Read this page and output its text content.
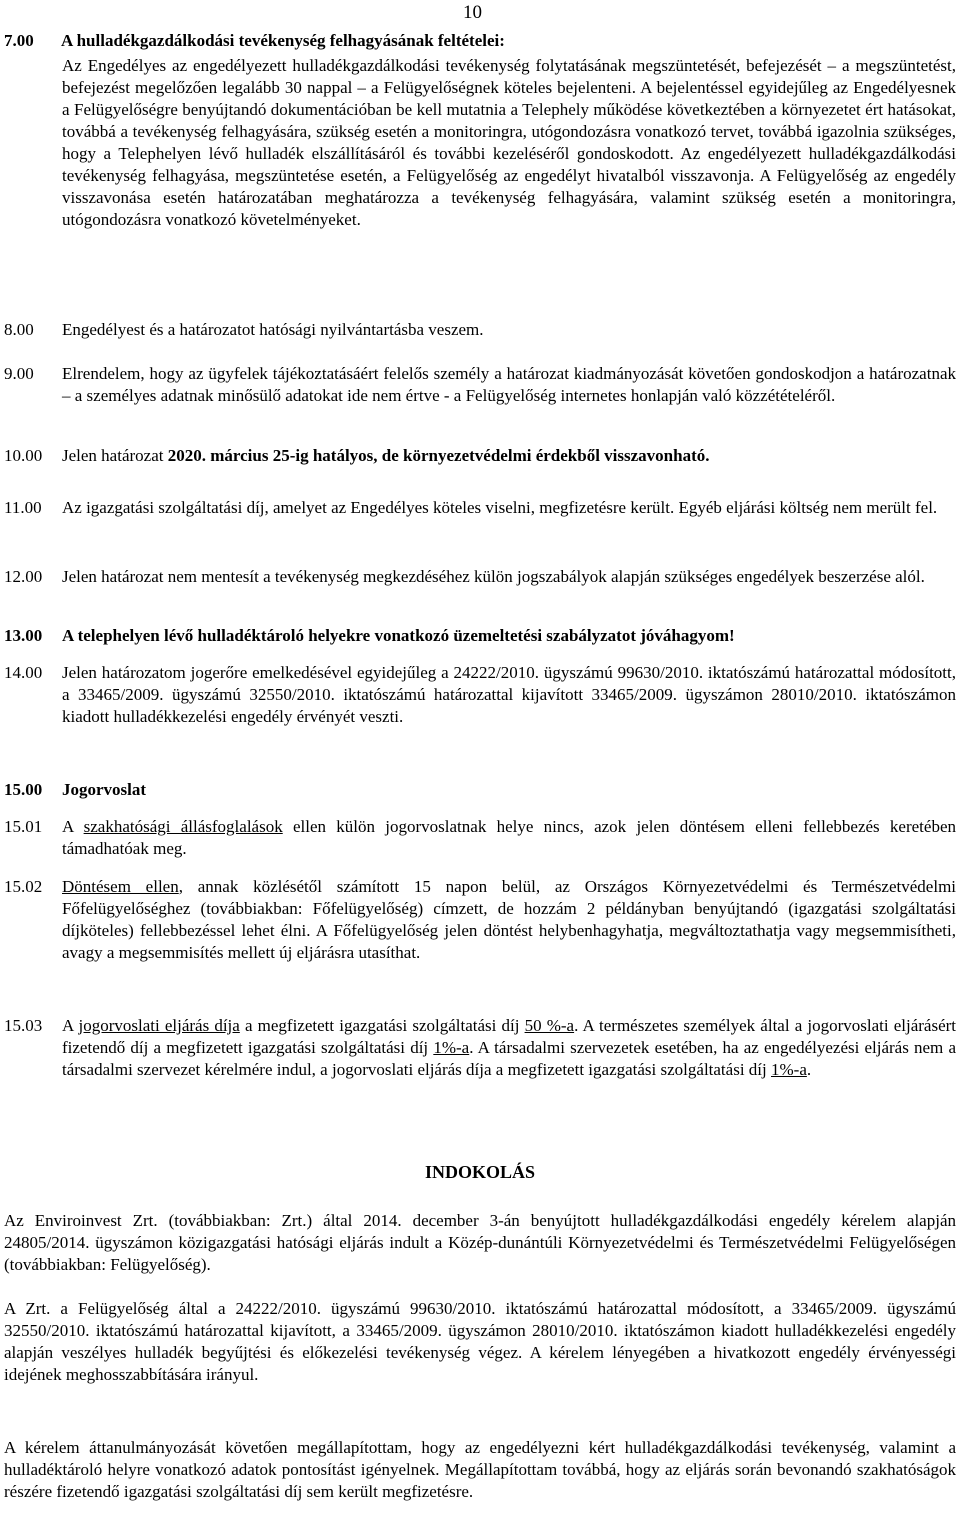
10
7.00 A hulladékgazdálkodási tevékenység felhagyásának feltételei:
Az Engedélyes az engedélyezett hulladékgazdálkodási tevékenység folytatásának megszüntetését, befejezését – a megszüntetést, befejezést megelőzően legalább 30 nappal – a Felügyelőségnek köteles bejelenteni. A bejelentéssel egyidejűleg az Engedélyesnek a Felügyelőségre benyújtandó dokumentációban be kell mutatnia a Telephely működése következtében a környezetet ért hatásokat, továbbá a tevékenység felhagyására, szükség esetén a monitoringra, utógondozásra vonatkozó tervet, továbbá igazolnia szükséges, hogy a Telephelyen lévő hulladék elszállításáról és további kezeléséről gondoskodott. Az engedélyezett hulladékgazdálkodási tevékenység felhagyása, megszüntetése esetén, a Felügyelőség az engedélyt hivatalból visszavonja. A Felügyelőség az engedély visszavonása esetén határozatában meghatározza a tevékenység felhagyására, valamint szükség esetén a monitoringra, utógondozásra vonatkozó követelményeket.
8.00	Engedélyest és a határozatot hatósági nyilvántartásba veszem.
9.00	Elrendelem, hogy az ügyfelek tájékoztatásáért felelős személy a határozat kiadmányozását követően gondoskodjon a határozatnak – a személyes adatnak minősülő adatokat ide nem értve - a Felügyelőség internetes honlapján való közzétételéről.
10.00	Jelen határozat 2020. március 25-ig hatályos, de környezetvédelmi érdekből visszavonható.
11.00	Az igazgatási szolgáltatási díj, amelyet az Engedélyes köteles viselni, megfizetésre került. Egyéb eljárási költség nem merült fel.
12.00	Jelen határozat nem mentesít a tevékenység megkezdéséhez külön jogszabályok alapján szükséges engedélyek beszerzése alól.
13.00	A telephelyen lévő hulladéktároló helyekre vonatkozó üzemeltetési szabályzatot jóváhagyom!
14.00	Jelen határozatom jogerőre emelkedésével egyidejűleg a 24222/2010. ügyszámú 99630/2010. iktatószámú határozattal módosított, a 33465/2009. ügyszámú 32550/2010. iktatószámú határozattal kijavított 33465/2009. ügyszámon 28010/2010. iktatószámon kiadott hulladékkezelési engedély érvényét veszti.
15.00	Jogorvoslat
15.01	A szakhatósági állásfoglalások ellen külön jogorvoslatnak helye nincs, azok jelen döntésem elleni fellebbezés keretében támadhatóak meg.
15.02	Döntésem ellen, annak közlésétől számított 15 napon belül, az Országos Környezetvédelmi és Természetvédelmi Főfelügyelőséghez (továbbiakban: Főfelügyelőség) címzett, de hozzám 2 példányban benyújtandó (igazgatási szolgáltatási díjköteles) fellebbezéssel lehet élni. A Főfelügyelőség jelen döntést helybenhagyhatja, megváltoztathatja vagy megsemmisítheti, avagy a megsemmisítés mellett új eljárásra utasíthat.
15.03	A jogorvoslati eljárás díja a megfizetett igazgatási szolgáltatási díj 50 %-a. A természetes személyek által a jogorvoslati eljárásért fizetendő díj a megfizetett igazgatási szolgáltatási díj 1%-a. A társadalmi szervezetek esetében, ha az engedélyezési eljárás nem a társadalmi szervezet kérelmére indul, a jogorvoslati eljárás díja a megfizetett igazgatási szolgáltatási díj 1%-a.
INDOKOLÁS
Az Enviroinvest Zrt. (továbbiakban: Zrt.) által 2014. december 3-án benyújtott hulladékgazdálkodási engedély kérelem alapján 24805/2014. ügyszámon közigazgatási hatósági eljárás indult a Közép-dunántúli Környezetvédelmi és Természetvédelmi Felügyelőségen (továbbiakban: Felügyelőség).
A Zrt. a Felügyelőség által a 24222/2010. ügyszámú 99630/2010. iktatószámú határozattal módosított, a 33465/2009. ügyszámú 32550/2010. iktatószámú határozattal kijavított, a 33465/2009. ügyszámon 28010/2010. iktatószámon kiadott hulladékkezelési engedély alapján veszélyes hulladék begyűjtési és előkezelési tevékenység végez. A kérelem lényegében a hivatkozott engedély érvényességi idejének meghosszabbítására irányul.
A kérelem áttanulmányozását követően megállapítottam, hogy az engedélyezni kért hulladékgazdálkodási tevékenység, valamint a hulladéktároló helyre vonatkozó adatok pontosítást igényelnek. Megállapítottam továbbá, hogy az eljárás során bevonandó szakhatóságok részére fizetendő igazgatási szolgáltatási díj sem került megfizetésre.
